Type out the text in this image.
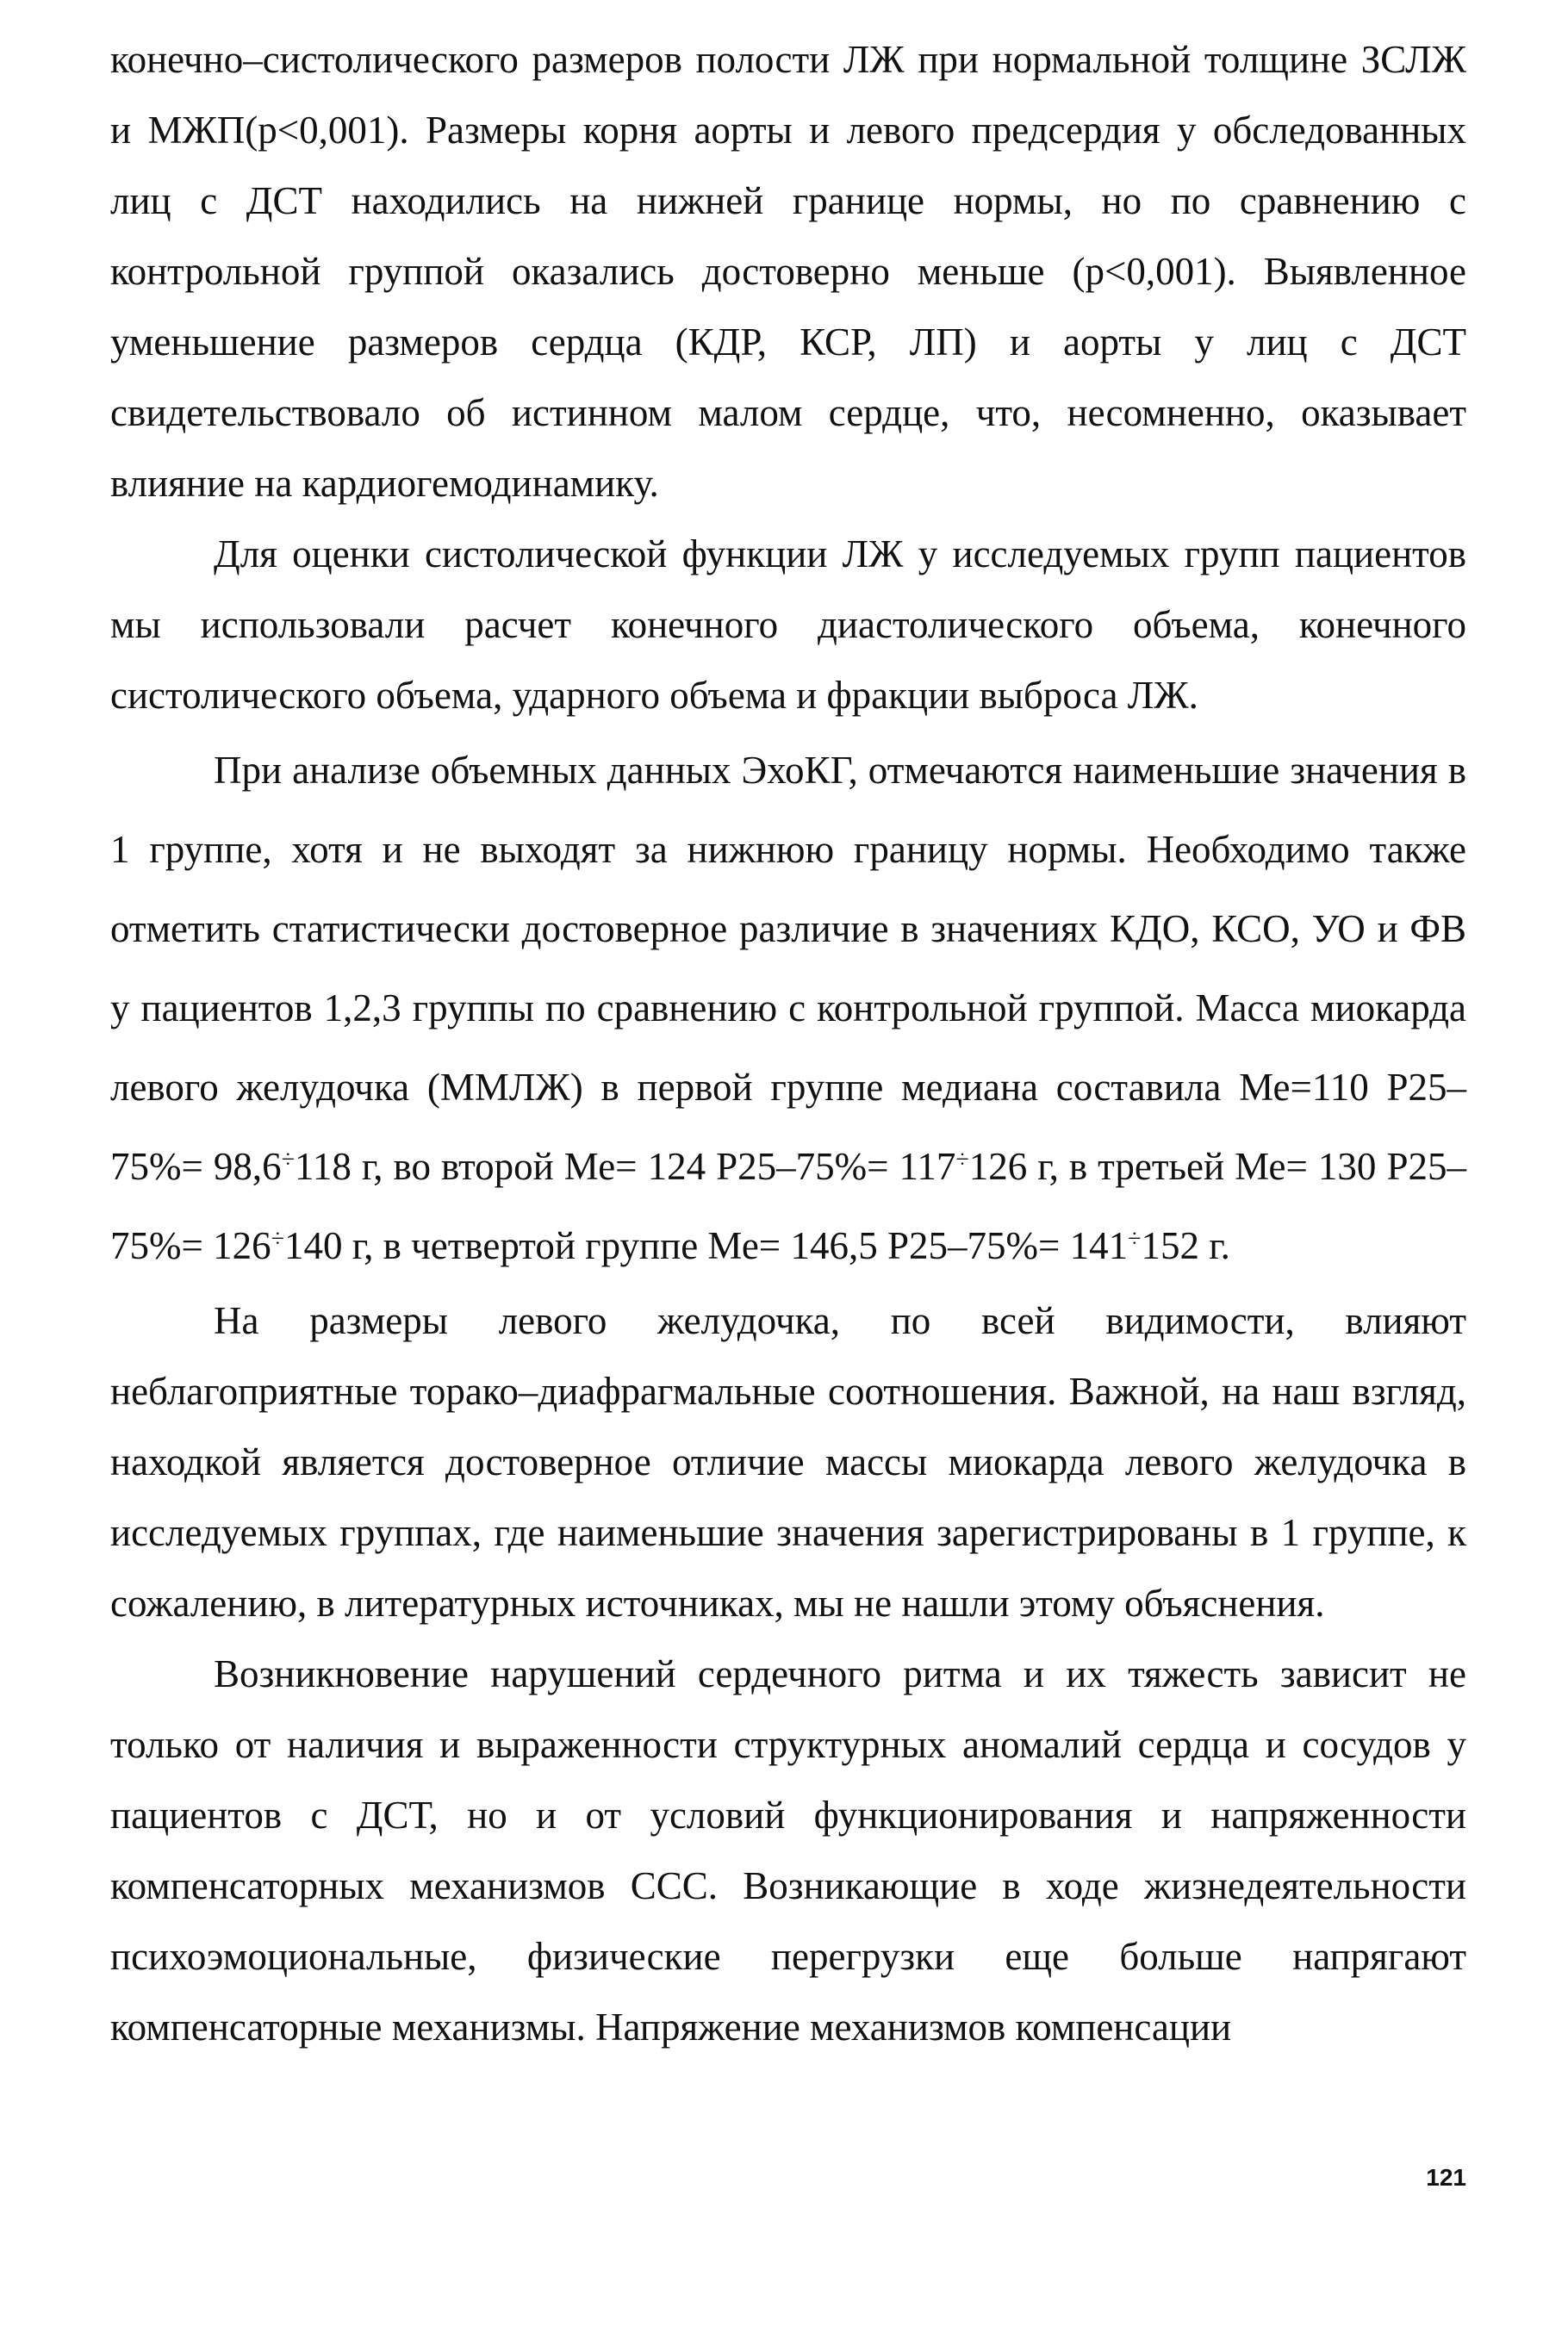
конечно–систолического размеров полости ЛЖ при нормальной толщине ЗСЛЖ и МЖП(р<0,001). Размеры корня аорты и левого предсердия у обследованных лиц с ДСТ находились на нижней границе нормы, но по сравнению с контрольной группой оказались достоверно меньше (р<0,001). Выявленное уменьшение размеров сердца (КДР, КСР, ЛП) и аорты у лиц с ДСТ свидетельствовало об истинном малом сердце, что, несомненно, оказывает влияние на кардиогемодинамику.

Для оценки систолической функции ЛЖ у исследуемых групп пациентов мы использовали расчет конечного диастолического объема, конечного систолического объема, ударного объема и фракции выброса ЛЖ.

При анализе объемных данных ЭхоКГ, отмечаются наименьшие значения в 1 группе, хотя и не выходят за нижнюю границу нормы. Необходимо также отметить статистически достоверное различие в значениях КДО, КСО, УО и ФВ у пациентов 1,2,3 группы по сравнению с контрольной группой. Масса миокарда левого желудочка (ММЛЖ) в первой группе медиана составила Ме=110 Р25–75%= 98,6÷118 г, во второй Ме= 124 Р25–75%= 117÷126 г, в третьей Ме= 130 Р25–75%= 126÷140 г, в четвертой группе Ме= 146,5 Р25–75%= 141÷152 г.

На размеры левого желудочка, по всей видимости, влияют неблагоприятные торако–диафрагмальные соотношения. Важной, на наш взгляд, находкой является достоверное отличие массы миокарда левого желудочка в исследуемых группах, где наименьшие значения зарегистрированы в 1 группе, к сожалению, в литературных источниках, мы не нашли этому объяснения.

Возникновение нарушений сердечного ритма и их тяжесть зависит не только от наличия и выраженности структурных аномалий сердца и сосудов у пациентов с ДСТ, но и от условий функционирования и напряженности компенсаторных механизмов ССС. Возникающие в ходе жизнедеятельности психоэмоциональные, физические перегрузки еще больше напрягают компенсаторные механизмы. Напряжение механизмов компенсации

121
